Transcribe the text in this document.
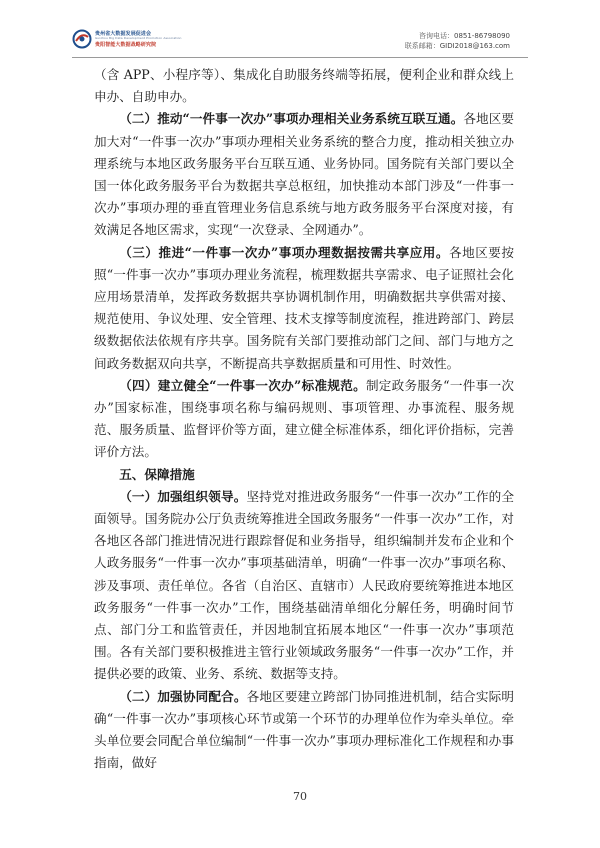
贵州省大数据发展促进会
Guizhou Big Data Development Promotion Association
贵阳智能大数据战略研究院
咨询电话：0851-86798090
联系邮箱：GIDI2018@163.com

（含 APP、小程序等）、集成化自助服务终端等拓展，便利企业和群众线上申办、自助申办。

（二）推动“一件事一次办”事项办理相关业务系统互联互通。各地区要加大对“一件事一次办”事项办理相关业务系统的整合力度，推动相关独立办理系统与本地区政务服务平台互联互通、业务协同。国务院有关部门要以全国一体化政务服务平台为数据共享总枢纽，加快推动本部门涉及“一件事一次办”事项办理的垂直管理业务信息系统与地方政务服务平台深度对接，有效满足各地区需求，实现“一次登录、全网通办”。

（三）推进“一件事一次办”事项办理数据按需共享应用。各地区要按照“一件事一次办”事项办理业务流程，梳理数据共享需求、电子证照社会化应用场景清单，发挥政务数据共享协调机制作用，明确数据共享供需对接、规范使用、争议处理、安全管理、技术支撑等制度流程，推进跨部门、跨层级数据依法依规有序共享。国务院有关部门要推动部门之间、部门与地方之间政务数据双向共享，不断提高共享数据质量和可用性、时效性。

（四）建立健全“一件事一次办”标准规范。制定政务服务“一件事一次办”国家标准，围绕事项名称与编码规则、事项管理、办事流程、服务规范、服务质量、监督评价等方面，建立健全标准体系，细化评价指标，完善评价方法。

五、保障措施

（一）加强组织领导。坚持党对推进政务服务“一件事一次办”工作的全面领导。国务院办公厅负责统筹推进全国政务服务“一件事一次办”工作，对各地区各部门推进情况进行跟踪督促和业务指导，组织编制并发布企业和个人政务服务“一件事一次办”事项基础清单，明确“一件事一次办”事项名称、涉及事项、责任单位。各省（自治区、直辖市）人民政府要统筹推进本地区政务服务“一件事一次办”工作，围绕基础清单细化分解任务，明确时间节点、部门分工和监管责任，并因地制宜拓展本地区“一件事一次办”事项范围。各有关部门要积极推进主管行业领域政务服务“一件事一次办”工作，并提供必要的政策、业务、系统、数据等支持。

（二）加强协同配合。各地区要建立跨部门协同推进机制，结合实际明确“一件事一次办”事项核心环节或第一个环节的办理单位作为牵头单位。牵头单位要会同配合单位编制“一件事一次办”事项办理标准化工作规程和办事指南，做好

70
